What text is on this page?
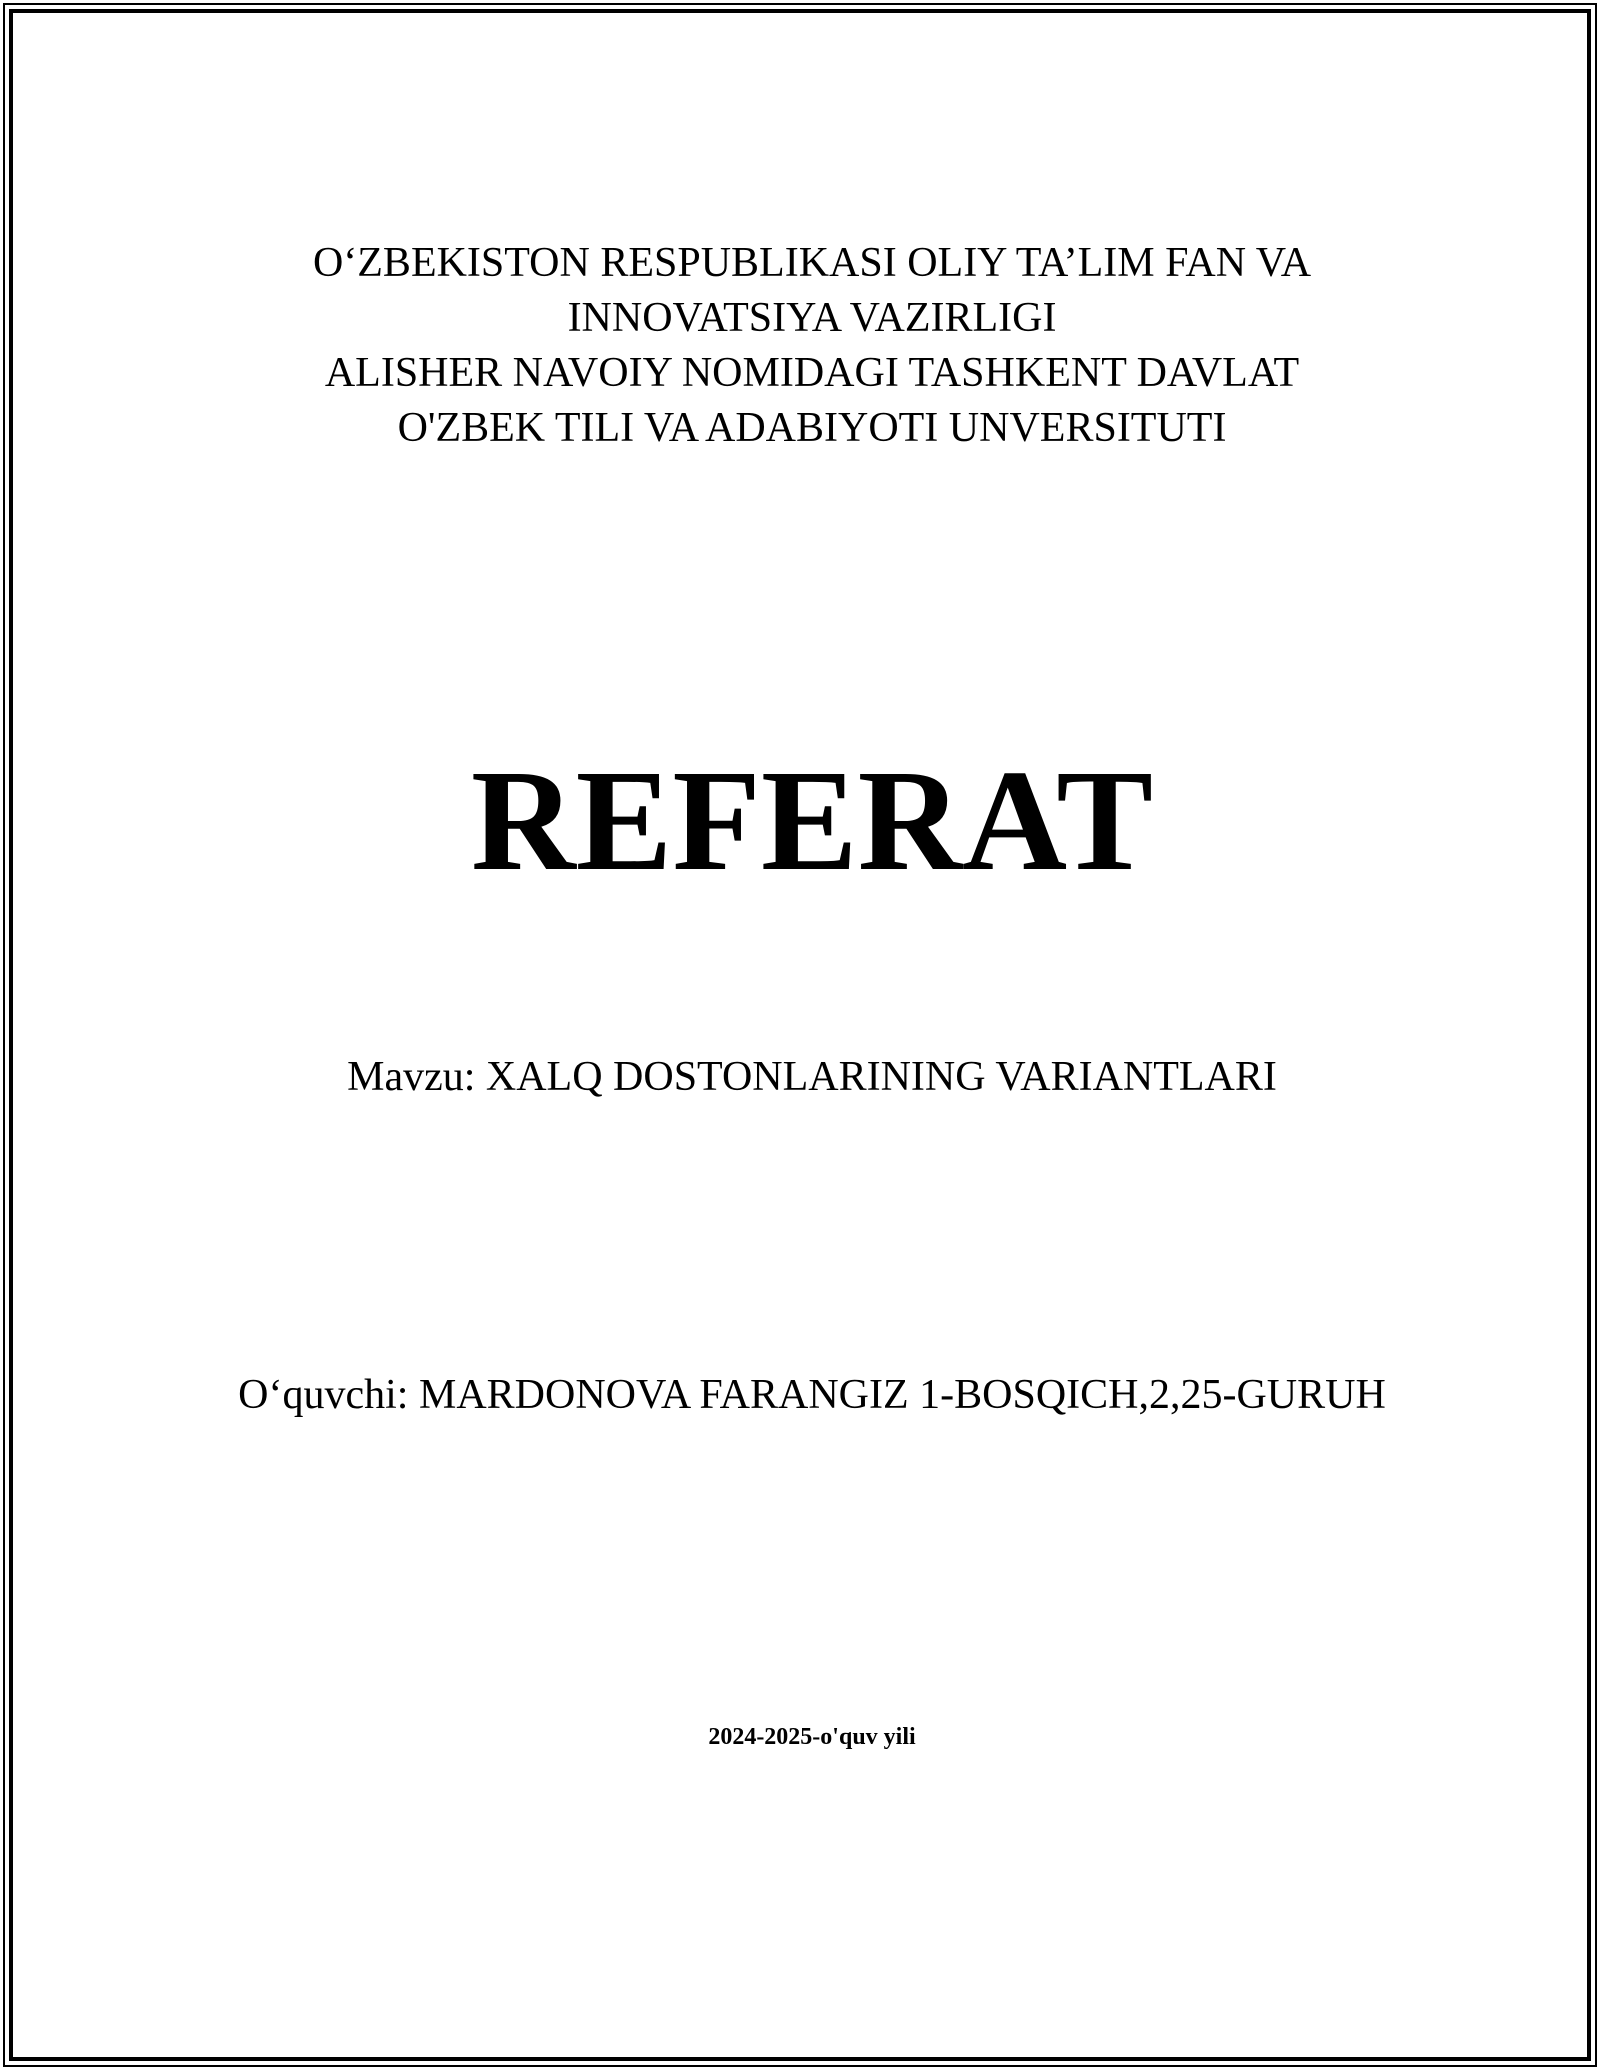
OʻZBEKISTON RESPUBLIKASI OLIY TA’LIM FAN VA
INNOVATSIYA VAZIRLIGI
ALISHER NAVOIY NOMIDAGI TASHKENT DAVLAT
O'ZBEK TILI VA ADABIYOTI UNVERSITUTI
REFERAT
Mavzu: XALQ DOSTONLARINING VARIANTLARI
Oʻquvchi: MARDONOVA FARANGIZ 1-BOSQICH,2,25-GURUH
2024-2025-o'quv yili
